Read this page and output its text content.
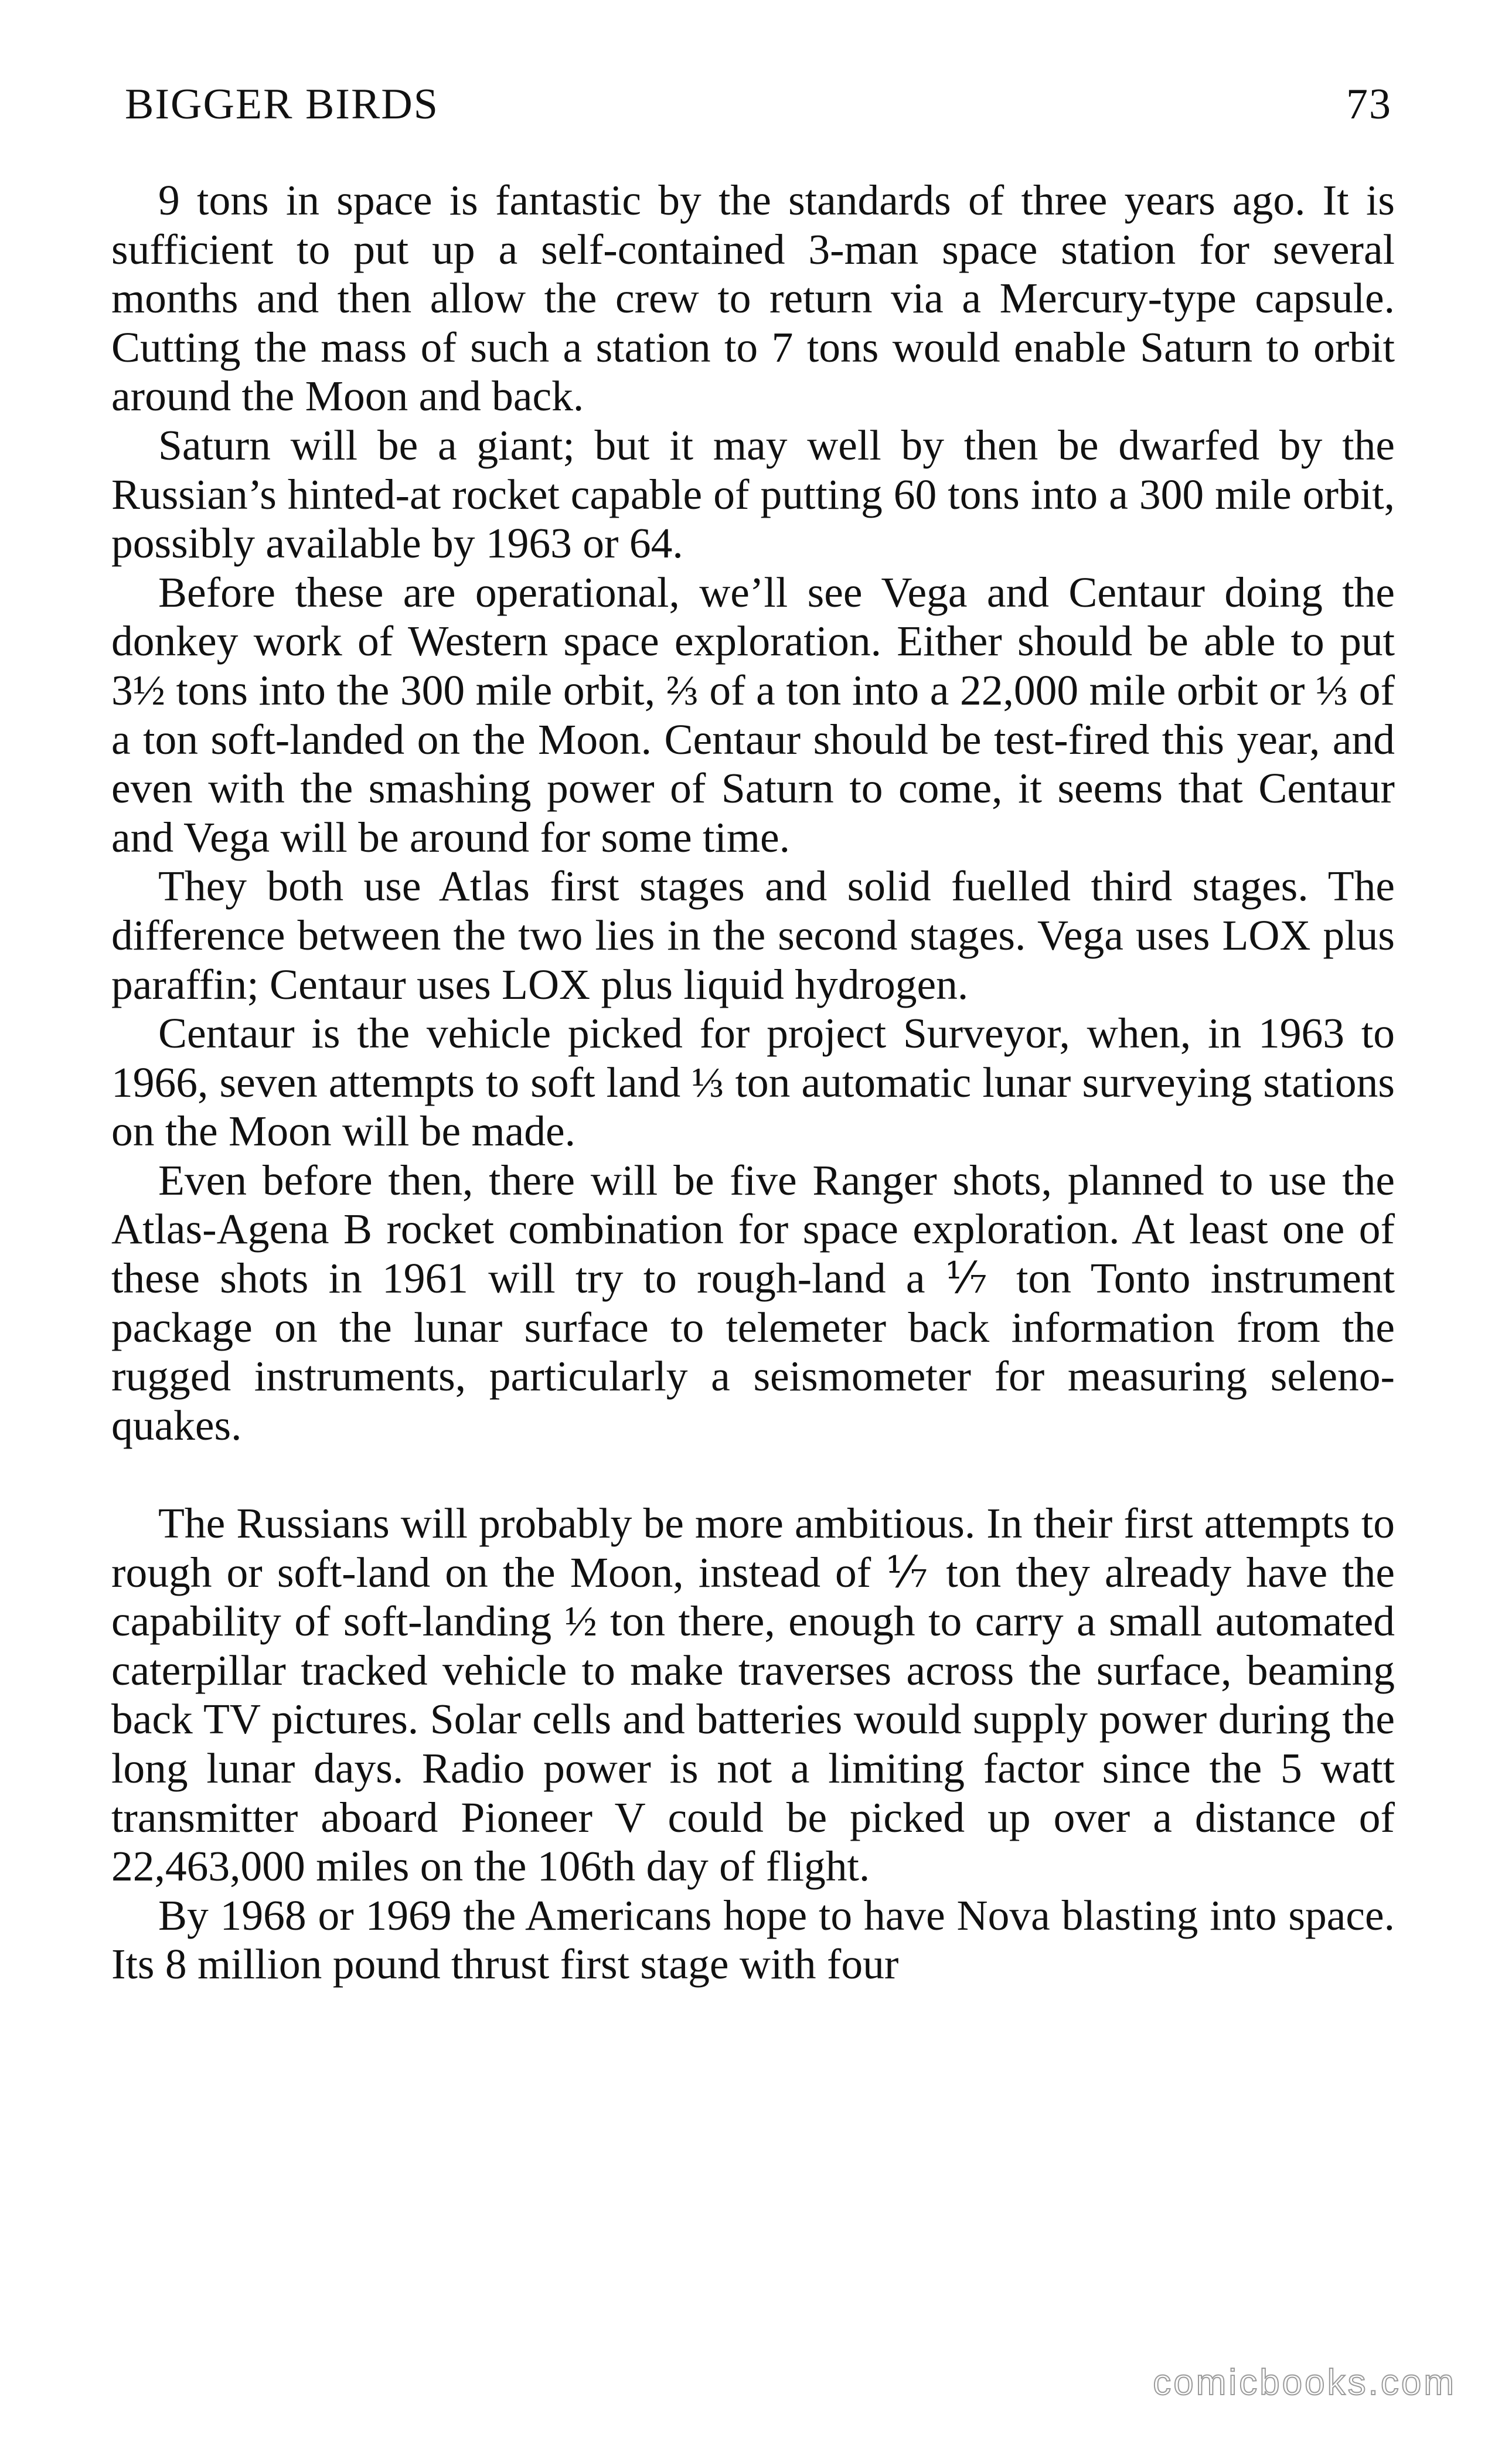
BIGGER BIRDS	73

9 tons in space is fantastic by the standards of three years ago. It is sufficient to put up a self-contained 3-man space station for several months and then allow the crew to return via a Mercury-type capsule. Cutting the mass of such a station to 7 tons would enable Saturn to orbit around the Moon and back.

Saturn will be a giant; but it may well by then be dwarfed by the Russian’s hinted-at rocket capable of putting 60 tons into a 300 mile orbit, possibly available by 1963 or 64.

Before these are operational, we’ll see Vega and Centaur doing the donkey work of Western space exploration. Either should be able to put 3½ tons into the 300 mile orbit, ⅔ of a ton into a 22,000 mile orbit or ⅓ of a ton soft-landed on the Moon. Centaur should be test-fired this year, and even with the smashing power of Saturn to come, it seems that Centaur and Vega will be around for some time.

They both use Atlas first stages and solid fuelled third stages. The difference between the two lies in the second stages. Vega uses LOX plus paraffin; Centaur uses LOX plus liquid hydrogen.

Centaur is the vehicle picked for project Surveyor, when, in 1963 to 1966, seven attempts to soft land ⅓ ton automatic lunar surveying stations on the Moon will be made.

Even before then, there will be five Ranger shots, planned to use the Atlas-Agena B rocket combination for space exploration. At least one of these shots in 1961 will try to rough-land a ⅐ ton Tonto instrument package on the lunar surface to telemeter back information from the rugged instruments, particularly a seismometer for measuring seleno-quakes.

The Russians will probably be more ambitious. In their first attempts to rough or soft-land on the Moon, instead of ⅐ ton they already have the capability of soft-landing ½ ton there, enough to carry a small automated caterpillar tracked vehicle to make traverses across the surface, beaming back TV pictures. Solar cells and batteries would supply power during the long lunar days. Radio power is not a limiting factor since the 5 watt transmitter aboard Pioneer V could be picked up over a distance of 22,463,000 miles on the 106th day of flight.

By 1968 or 1969 the Americans hope to have Nova blasting into space. Its 8 million pound thrust first stage with four

comicbooks.com
